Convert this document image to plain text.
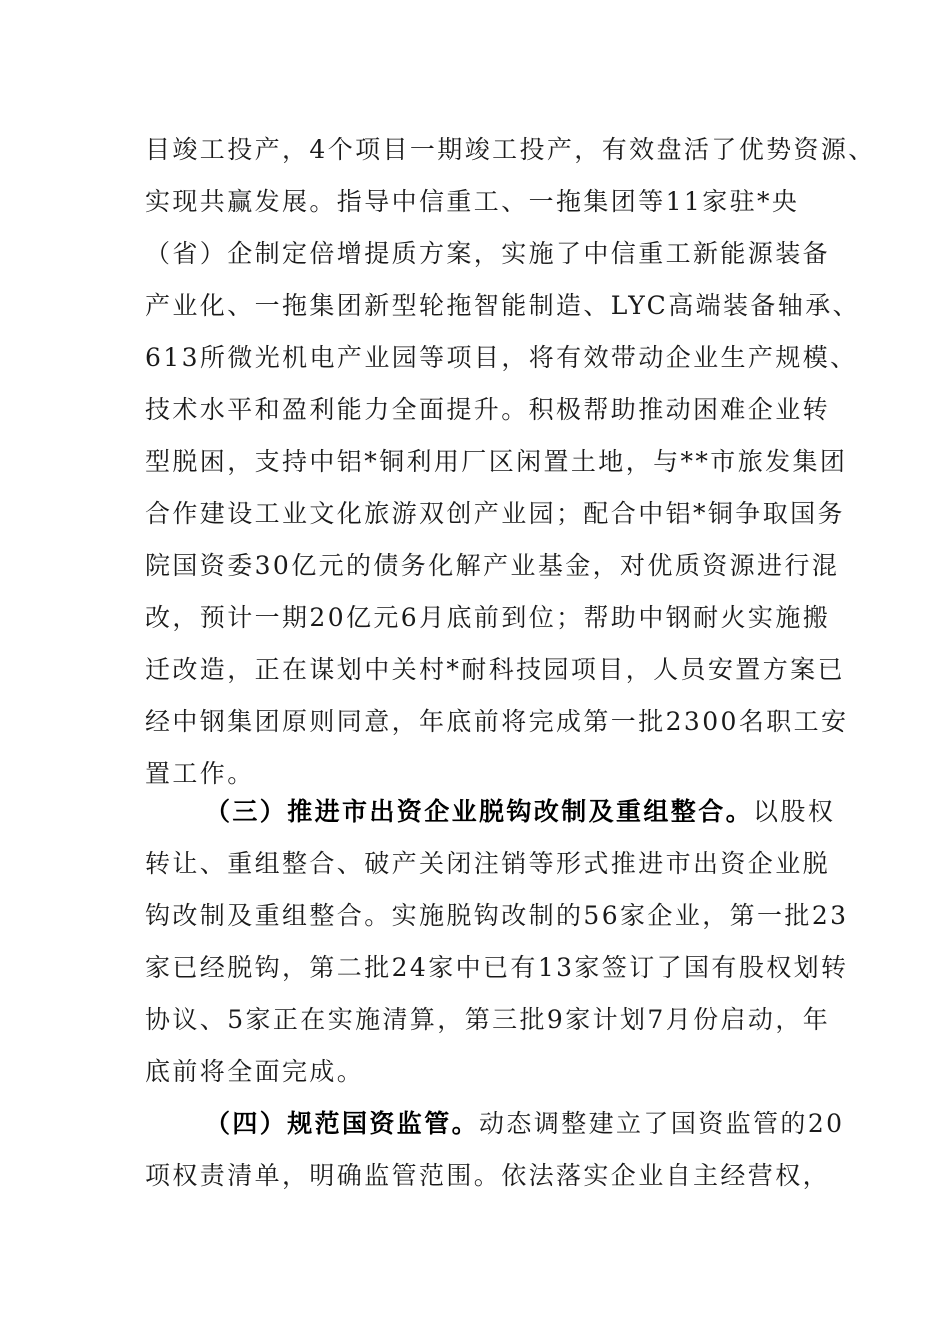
目竣工投产，4个项目一期竣工投产，有效盘活了优势资源、
实现共赢发展。指导中信重工、一拖集团等11家驻*央
（省）企制定倍增提质方案，实施了中信重工新能源装备
产业化、一拖集团新型轮拖智能制造、LYC高端装备轴承、
613所微光机电产业园等项目，将有效带动企业生产规模、
技术水平和盈利能力全面提升。积极帮助推动困难企业转
型脱困，支持中铝*铜利用厂区闲置土地，与**市旅发集团
合作建设工业文化旅游双创产业园；配合中铝*铜争取国务
院国资委30亿元的债务化解产业基金，对优质资源进行混
改，预计一期20亿元6月底前到位；帮助中钢耐火实施搬
迁改造，正在谋划中关村*耐科技园项目，人员安置方案已
经中钢集团原则同意，年底前将完成第一批2300名职工安
置工作。
（三）推进市出资企业脱钩改制及重组整合。以股权
转让、重组整合、破产关闭注销等形式推进市出资企业脱
钩改制及重组整合。实施脱钩改制的56家企业，第一批23
家已经脱钩，第二批24家中已有13家签订了国有股权划转
协议、5家正在实施清算，第三批9家计划7月份启动，年
底前将全面完成。
（四）规范国资监管。动态调整建立了国资监管的20
项权责清单，明确监管范围。依法落实企业自主经营权，
